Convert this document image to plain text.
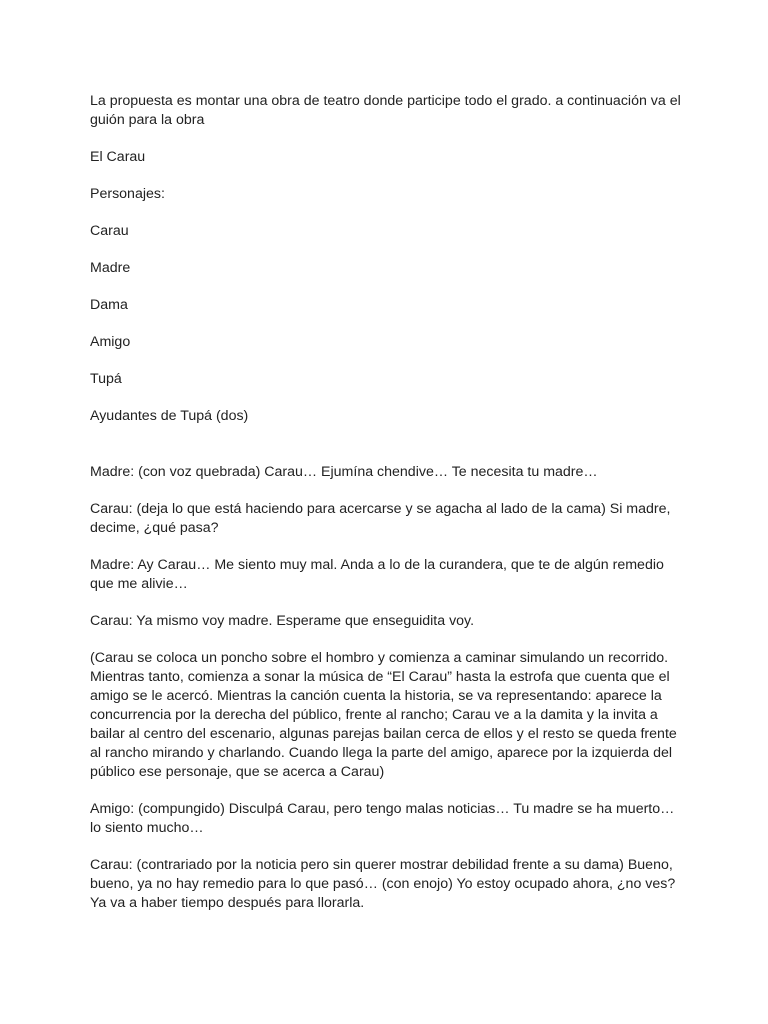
La propuesta es montar una obra de teatro donde participe todo el grado. a continuación va el guión para la obra

El Carau

Personajes:

Carau

Madre

Dama

Amigo

Tupá

Ayudantes de Tupá (dos)

Madre: (con voz quebrada) Carau… Ejumína chendive… Te necesita tu madre…

Carau: (deja lo que está haciendo para acercarse y se agacha al lado de la cama) Si madre, decime, ¿qué pasa?

Madre: Ay Carau… Me siento muy mal. Anda a lo de la curandera, que te de algún remedio que me alivie…

Carau: Ya mismo voy madre. Esperame que enseguidita voy.

(Carau se coloca un poncho sobre el hombro y comienza a caminar simulando un recorrido. Mientras tanto, comienza a sonar la música de “El Carau” hasta la estrofa que cuenta que el amigo se le acercó. Mientras la canción cuenta la historia, se va representando: aparece la concurrencia por la derecha del público, frente al rancho; Carau ve a la damita y la invita a bailar al centro del escenario, algunas parejas bailan cerca de ellos y el resto se queda frente al rancho mirando y charlando. Cuando llega la parte del amigo, aparece por la izquierda del público ese personaje, que se acerca a Carau)

Amigo: (compungido) Disculpá Carau, pero tengo malas noticias… Tu madre se ha muerto… lo siento mucho…

Carau: (contrariado por la noticia pero sin querer mostrar debilidad frente a su dama) Bueno, bueno, ya no hay remedio para lo que pasó… (con enojo) Yo estoy ocupado ahora, ¿no ves? Ya va a haber tiempo después para llorarla.
